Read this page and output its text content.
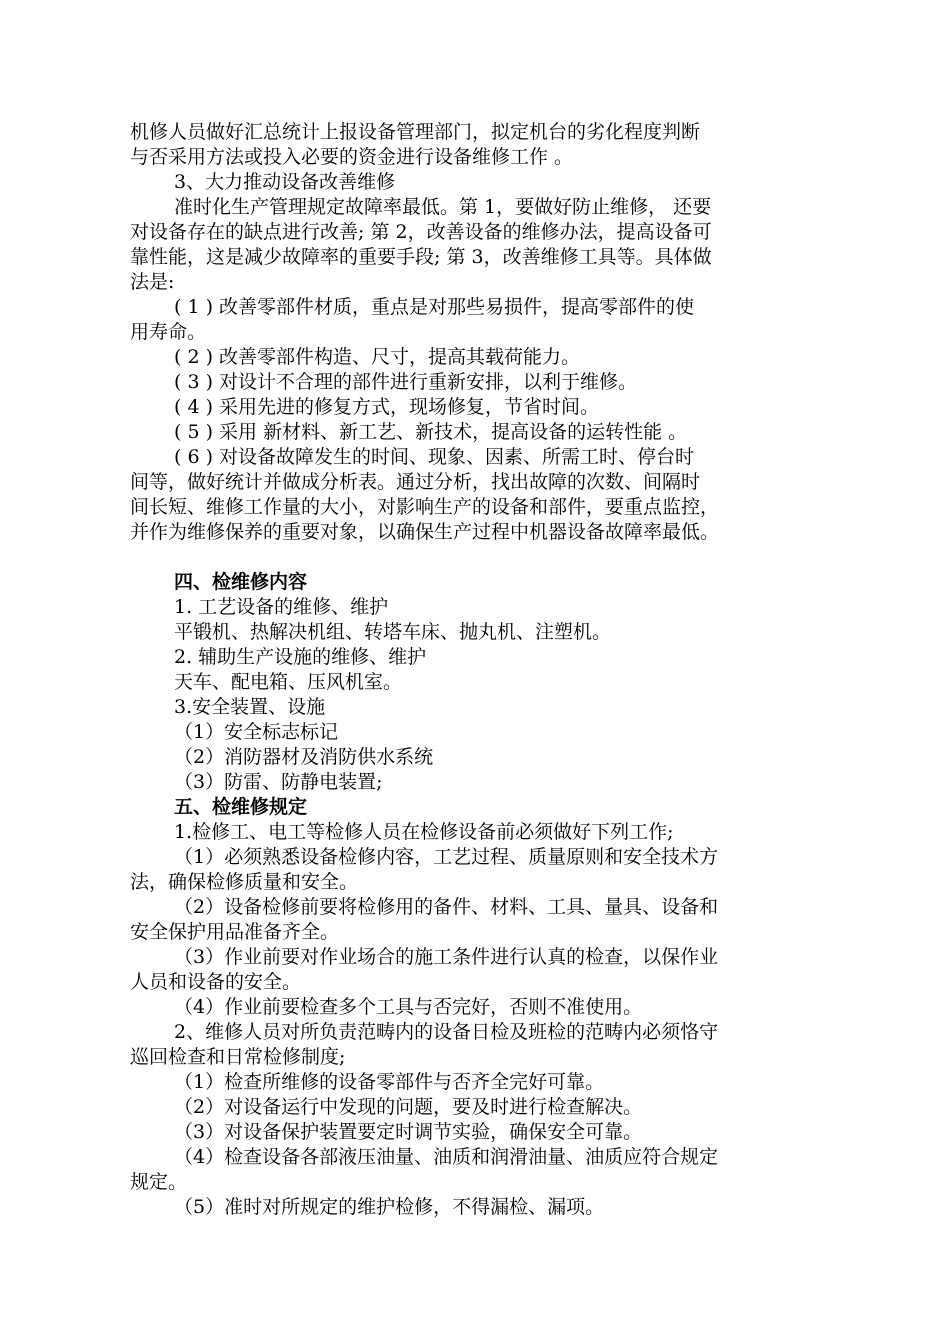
机修人员做好汇总统计上报设备管理部门，拟定机台的劣化程度判断

与否采用方法或投入必要的资金进行设备维修工作 。

3、大力推动设备改善维修

准时化生产管理规定故障率最低。第 1，要做好防止维修， 还要

对设备存在的缺点进行改善; 第 2，改善设备的维修办法，提高设备可

靠性能，这是减少故障率的重要手段; 第 3，改善维修工具等。具体做

法是:

( 1 ) 改善零部件材质，重点是对那些易损件，提高零部件的使

用寿命。

( 2 ) 改善零部件构造、尺寸，提高其载荷能力。

( 3 ) 对设计不合理的部件进行重新安排，以利于维修。

( 4 ) 采用先进的修复方式，现场修复，节省时间。

( 5 ) 采用 新材料、新工艺、新技术，提高设备的运转性能 。

( 6 ) 对设备故障发生的时间、现象、因素、所需工时、停台时

间等，做好统计并做成分析表。通过分析，找出故障的次数、间隔时

间长短、维修工作量的大小，对影响生产的设备和部件，要重点监控，

并作为维修保养的重要对象，以确保生产过程中机器设备故障率最低。

四、检维修内容

1. 工艺设备的维修、维护

平锻机、热解决机组、转塔车床、抛丸机、注塑机。

2. 辅助生产设施的维修、维护

天车、配电箱、压风机室。

3.安全装置、设施

（1）安全标志标记

（2）消防器材及消防供水系统

（3）防雷、防静电装置;

五、检维修规定

1.检修工、电工等检修人员在检修设备前必须做好下列工作;

（1）必须熟悉设备检修内容，工艺过程、质量原则和安全技术方

法，确保检修质量和安全。

（2）设备检修前要将检修用的备件、材料、工具、量具、设备和

安全保护用品准备齐全。

（3）作业前要对作业场合的施工条件进行认真的检查，以保作业

人员和设备的安全。

（4）作业前要检查多个工具与否完好，否则不准使用。

2、维修人员对所负责范畴内的设备日检及班检的范畴内必须恪守

巡回检查和日常检修制度;

（1）检查所维修的设备零部件与否齐全完好可靠。

（2）对设备运行中发现的问题，要及时进行检查解决。

（3）对设备保护装置要定时调节实验，确保安全可靠。

（4）检查设备各部液压油量、油质和润滑油量、油质应符合规定

规定。

（5）准时对所规定的维护检修，不得漏检、漏项。
